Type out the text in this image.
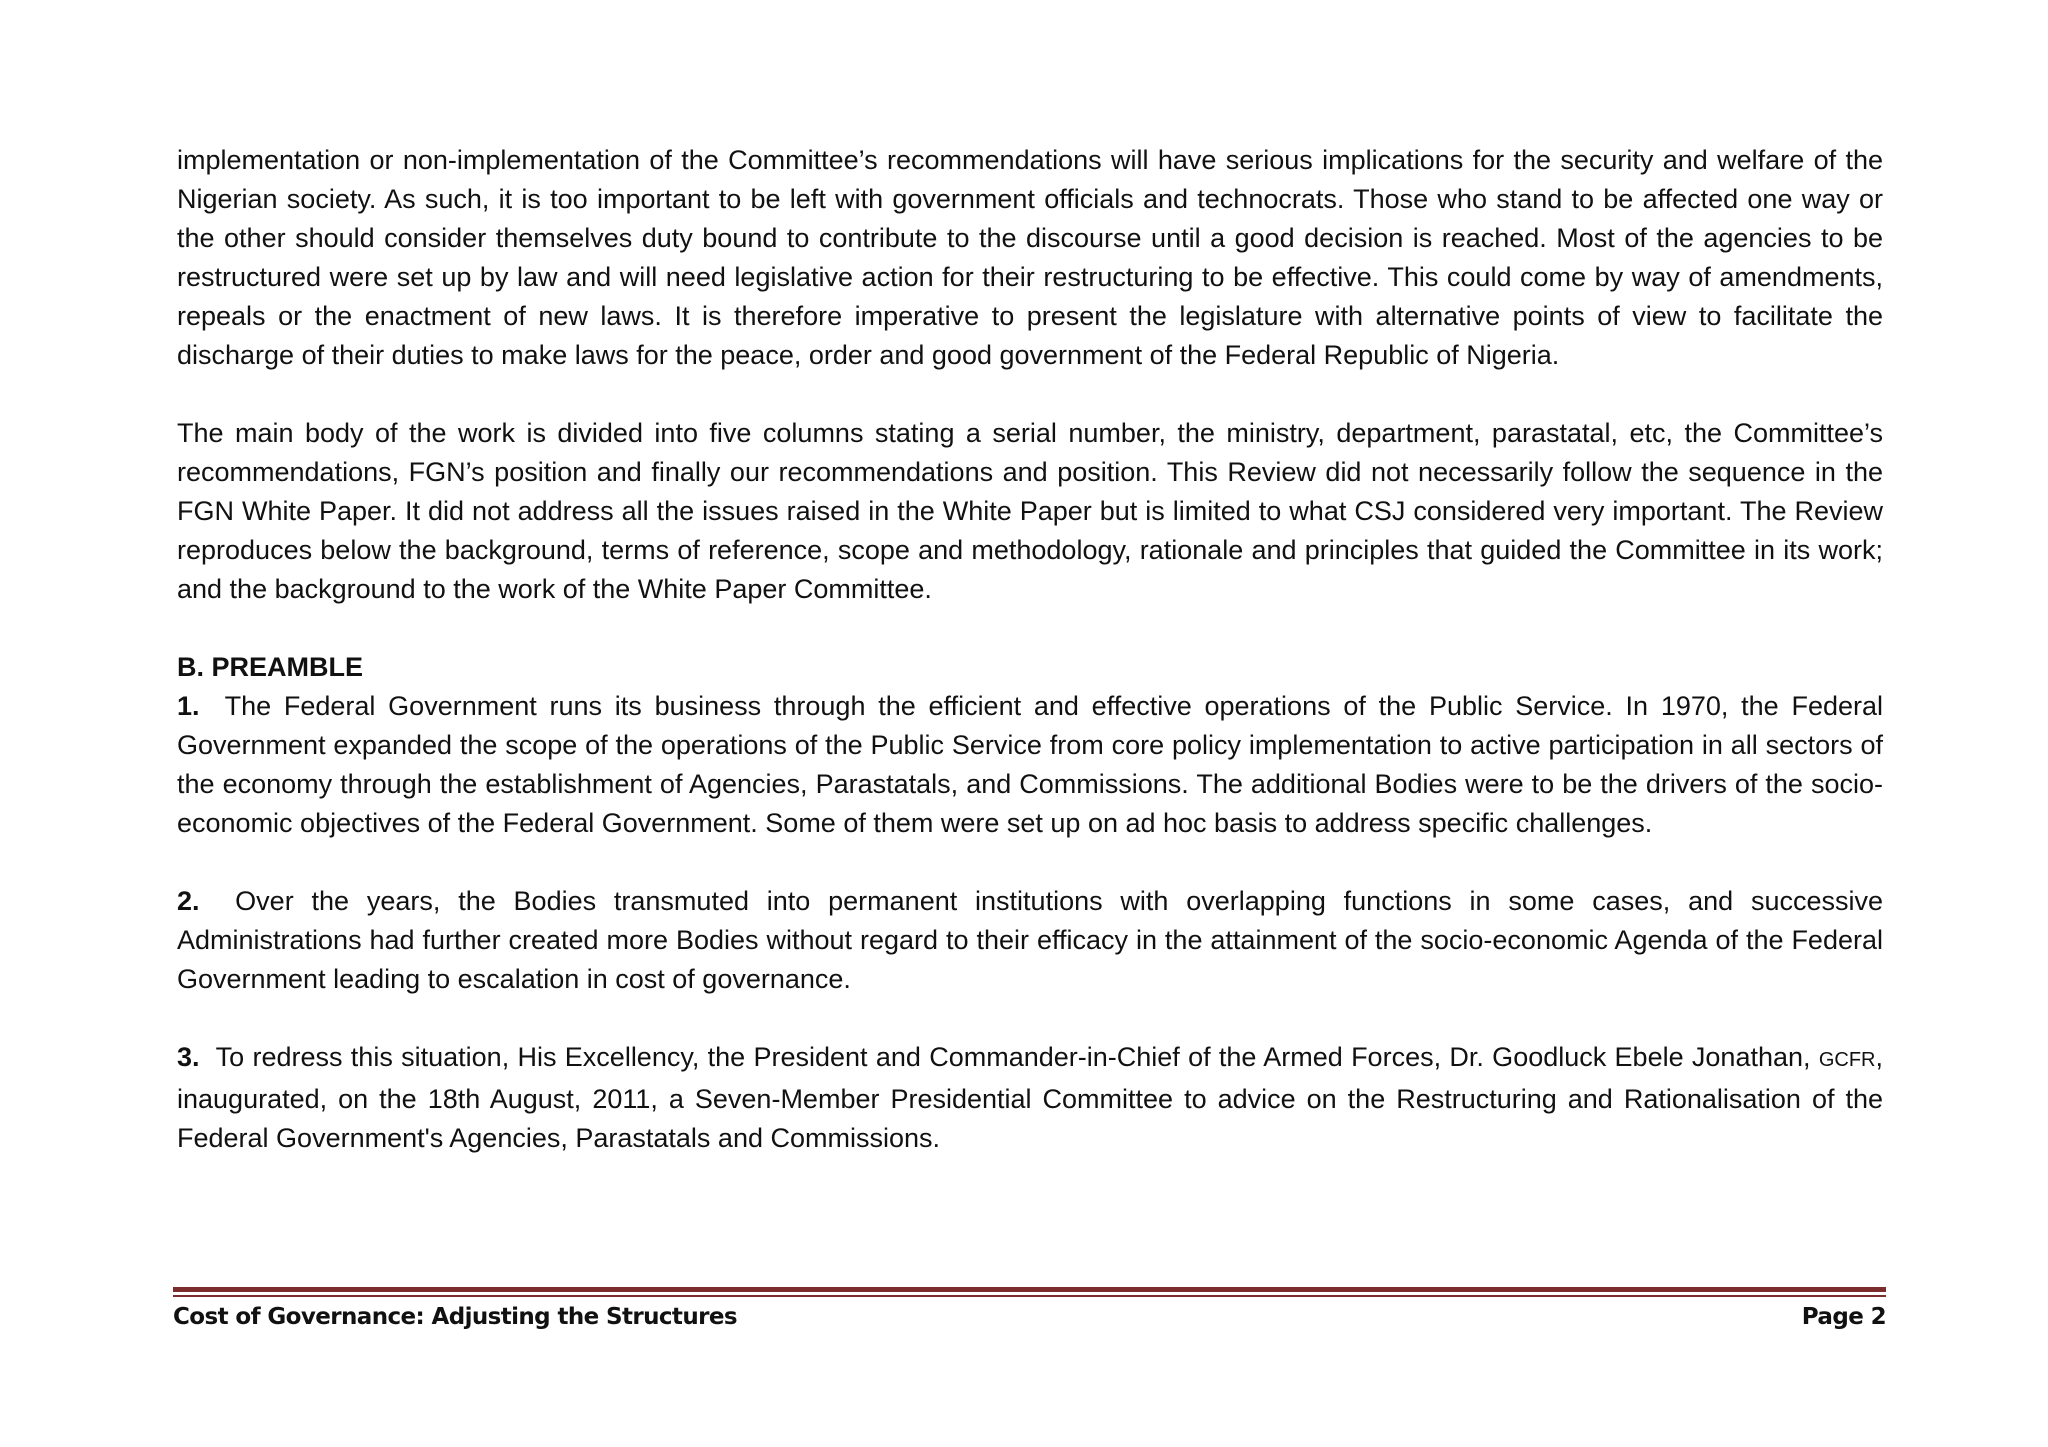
implementation or non-implementation of the Committee’s recommendations will have serious implications for the security and welfare of the Nigerian society. As such, it is too important to be left with government officials and technocrats. Those who stand to be affected one way or the other should consider themselves duty bound to contribute to the discourse until a good decision is reached. Most of the agencies to be restructured were set up by law and will need legislative action for their restructuring to be effective. This could come by way of amendments, repeals or the enactment of new laws. It is therefore imperative to present the legislature with alternative points of view to facilitate the discharge of their duties to make laws for the peace, order and good government of the Federal Republic of Nigeria.

The main body of the work is divided into five columns stating a serial number, the ministry, department, parastatal, etc, the Committee’s recommendations, FGN’s position and finally our recommendations and position. This Review did not necessarily follow the sequence in the FGN White Paper. It did not address all the issues raised in the White Paper but is limited to what CSJ considered very important. The Review reproduces below the background, terms of reference, scope and methodology, rationale and principles that guided the Committee in its work; and the background to the work of the White Paper Committee.

B. PREAMBLE

1. The Federal Government runs its business through the efficient and effective operations of the Public Service. In 1970, the Federal Government expanded the scope of the operations of the Public Service from core policy implementation to active participation in all sectors of the economy through the establishment of Agencies, Parastatals, and Commissions. The additional Bodies were to be the drivers of the socio-economic objectives of the Federal Government. Some of them were set up on ad hoc basis to address specific challenges.

2. Over the years, the Bodies transmuted into permanent institutions with overlapping functions in some cases, and successive Administrations had further created more Bodies without regard to their efficacy in the attainment of the socio-economic Agenda of the Federal Government leading to escalation in cost of governance.

3. To redress this situation, His Excellency, the President and Commander-in-Chief of the Armed Forces, Dr. Goodluck Ebele Jonathan, GCFR, inaugurated, on the 18th August, 2011, a Seven-Member Presidential Committee to advice on the Restructuring and Rationalisation of the Federal Government's Agencies, Parastatals and Commissions.

Cost of Governance: Adjusting the Structures	Page 2
